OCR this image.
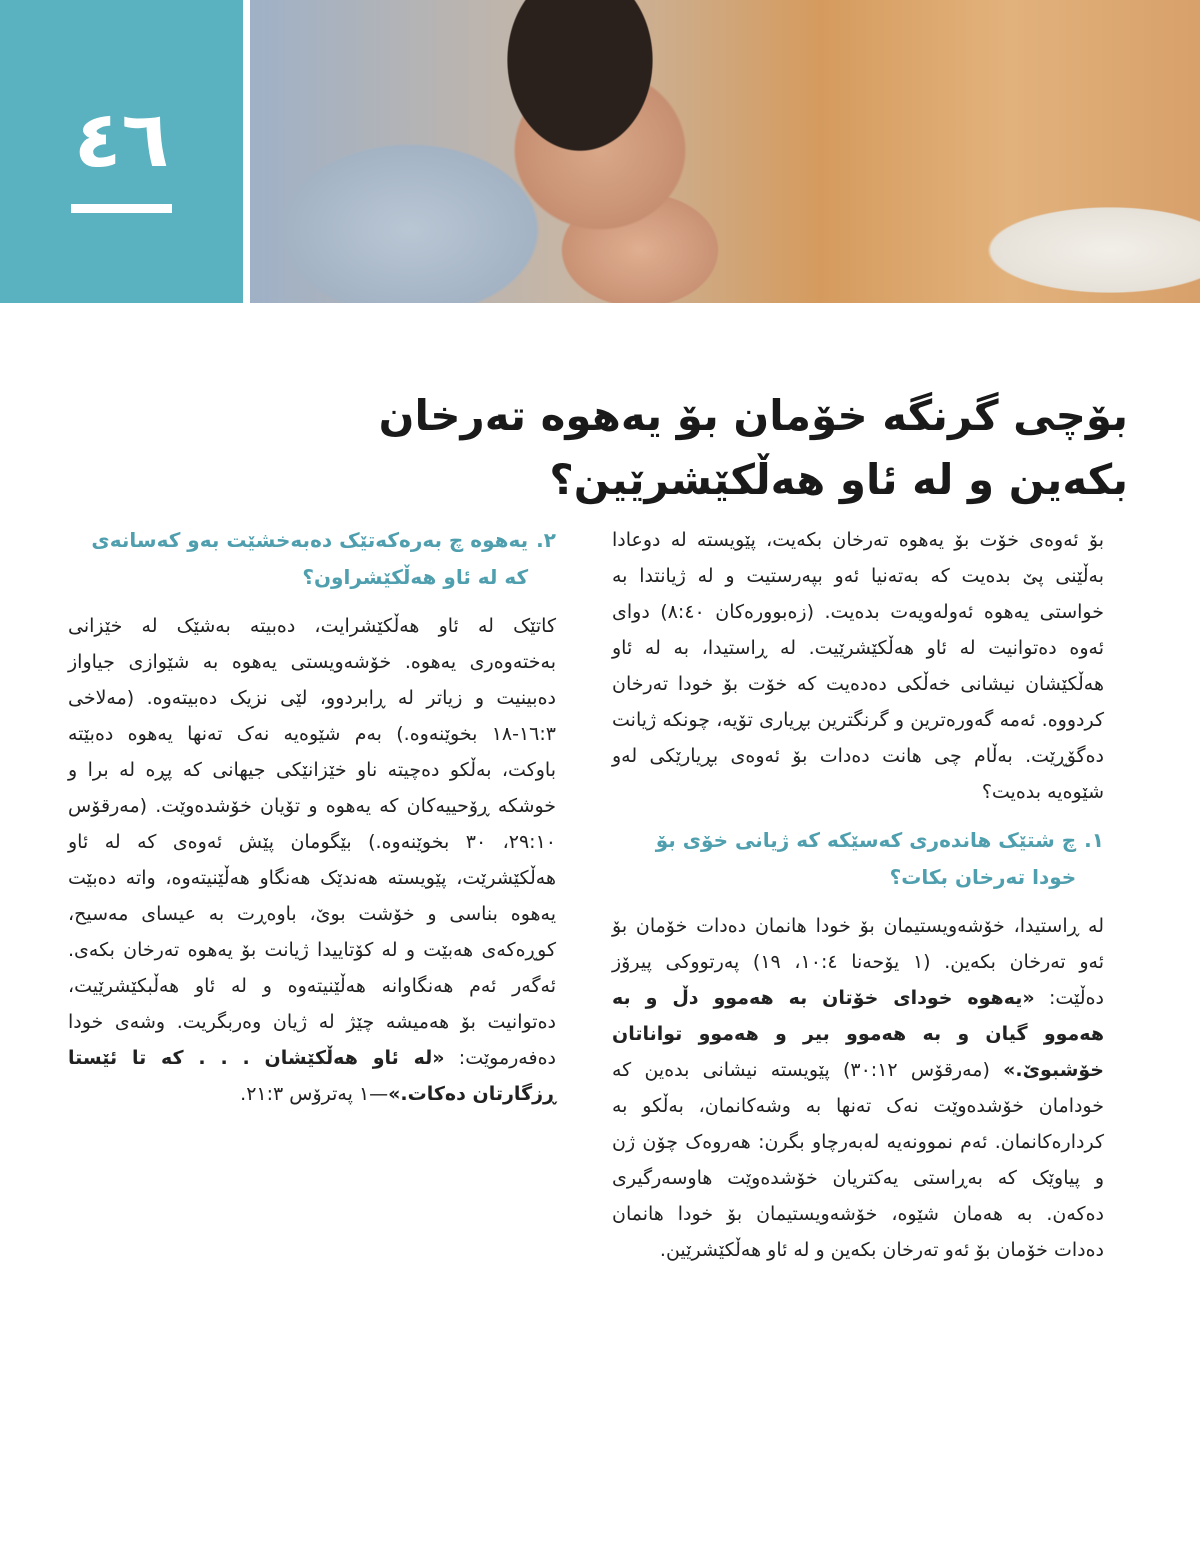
٤٦
بۆچی گرنگە خۆمان بۆ یەهوە تەرخان بکەین و لە ئاو هەڵکێشرێین؟

بۆ ئەوەی خۆت بۆ یەهوە تەرخان بکەیت، پێویستە لە دوعادا بەڵێنی پێ بدەیت کە بەتەنیا ئەو بپەرستیت و لە ژیانتدا بە خواستی یەهوە ئەولەویەت بدەیت. (زەبوورەکان ٨:٤٠) دوای ئەوە دەتوانیت لە ئاو هەڵکێشرێیت. لە ڕاستیدا، بە لە ئاو هەڵکێشان نیشانی خەڵکی دەدەیت کە خۆت بۆ خودا تەرخان کردووە. ئەمە گەورەترین و گرنگترین بڕیاری تۆیە، چونکە ژیانت دەگۆڕێت. بەڵام چی هانت دەدات بۆ ئەوەی بڕیارێکی لەو شێوەیە بدەیت؟

١.چ شتێک هاندەری کەسێکە کە ژیانی خۆی بۆ خودا تەرخان بکات؟

لە ڕاستیدا، خۆشەویستیمان بۆ خودا هانمان دەدات خۆمان بۆ ئەو تەرخان بکەین. (١ یۆحەنا ١٠:٤، ١٩) پەرتووکی پیرۆز دەڵێت: «یەهوە خودای خۆتان بە هەموو دڵ و بە هەموو گیان و بە هەموو بیر و هەموو تواناتان خۆشبوێ.» (مەرقۆس ٣٠:١٢) پێویستە نیشانی بدەین کە خودامان خۆشدەوێت نەک تەنها بە وشەکانمان، بەڵکو بە کردارەکانمان. ئەم نموونەیە لەبەرچاو بگرن: هەروەک چۆن ژن و پیاوێک کە بەڕاستی یەکتریان خۆشدەوێت هاوسەرگیری دەکەن. بە هەمان شێوە، خۆشەویستیمان بۆ خودا هانمان دەدات خۆمان بۆ ئەو تەرخان بکەین و لە ئاو هەڵکێشرێین.

٢.یەهوە چ بەرەکەتێک دەبەخشێت بەو کەسانەی کە لە ئاو هەڵکێشراون؟

کاتێک لە ئاو هەڵکێشرایت، دەبیتە بەشێک لە خێزانی بەختەوەری یەهوە. خۆشەویستی یەهوە بە شێوازی جیاواز دەبینیت و زیاتر لە ڕابردوو، لێی نزیک دەبیتەوە. (مەلاخی ١٦:٣-١٨ بخوێنەوە.) بەم شێوەیە نەک تەنها یەهوە دەبێتە باوکت، بەڵکو دەچیتە ناو خێزانێکی جیهانی کە پڕە لە برا و خوشکە ڕۆحییەکان کە یەهوە و تۆیان خۆشدەوێت. (مەرقۆس ٢٩:١٠، ٣٠ بخوێنەوە.) بێگومان پێش ئەوەی کە لە ئاو هەڵکێشرێت، پێویستە هەندێک هەنگاو هەڵێنیتەوە، واتە دەبێت یەهوە بناسی و خۆشت بوێ، باوەڕت بە عیسای مەسیح، کوڕەکەی هەبێت و لە کۆتاییدا ژیانت بۆ یەهوە تەرخان بکەی. ئەگەر ئەم هەنگاوانە هەڵێنیتەوە و لە ئاو هەڵبکێشرێیت، دەتوانیت بۆ هەمیشە چێژ لە ژیان وەربگریت. وشەی خودا دەفەرموێت: «لە ئاو هەڵکێشان . . . کە تا ئێستا ڕزگارتان دەکات.»—١ پەترۆس ٢١:٣.
